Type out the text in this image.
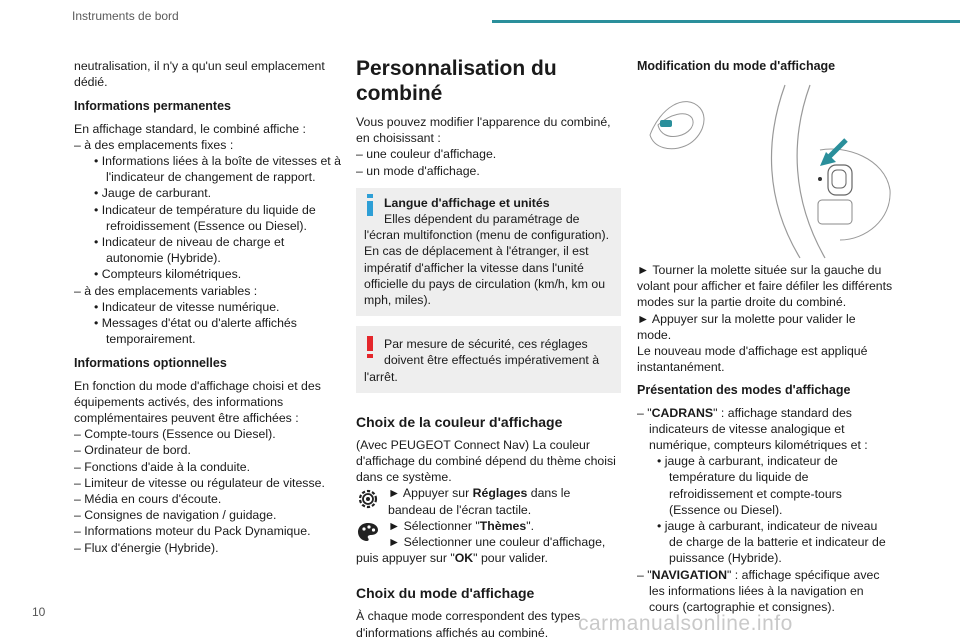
Instruments de bord

neutralisation, il n'y a qu'un seul emplacement dédié.

Informations permanentes

En affichage standard, le combiné affiche :

– à des emplacements fixes :

• Informations liées à la boîte de vitesses et à l'indicateur de changement de rapport.

• Jauge de carburant.

• Indicateur de température du liquide de refroidissement (Essence ou Diesel).

• Indicateur de niveau de charge et autonomie (Hybride).

• Compteurs kilométriques.

– à des emplacements variables :

• Indicateur de vitesse numérique.

• Messages d'état ou d'alerte affichés temporairement.

Informations optionnelles

En fonction du mode d'affichage choisi et des équipements activés, des informations complémentaires peuvent être affichées :

– Compte-tours (Essence ou Diesel).

– Ordinateur de bord.

– Fonctions d'aide à la conduite.

– Limiteur de vitesse ou régulateur de vitesse.

– Média en cours d'écoute.

– Consignes de navigation / guidage.

– Informations moteur du Pack Dynamique.

– Flux d'énergie (Hybride).

Personnalisation du combiné

Vous pouvez modifier l'apparence du combiné, en choisissant :

– une couleur d'affichage.

– un mode d'affichage.

Langue d'affichage et unités

Elles dépendent du paramétrage de

l'écran multifonction (menu de configuration). En cas de déplacement à l'étranger, il est impératif d'afficher la vitesse dans l'unité officielle du pays de circulation (km/h, km ou mph, miles).

Par mesure de sécurité, ces réglages doivent être effectués impérativement à

l'arrêt.

Choix de la couleur d'affichage

(Avec PEUGEOT Connect Nav) La couleur d'affichage du combiné dépend du thème choisi dans ce système.

► Appuyer sur Réglages dans le bandeau de l'écran tactile.

► Sélectionner "Thèmes".

► Sélectionner une couleur d'affichage,

puis appuyer sur "OK" pour valider.

Choix du mode d'affichage

À chaque mode correspondent des types d'informations affichés au combiné.

Modification du mode d'affichage

► Tourner la molette située sur la gauche du volant pour afficher et faire défiler les différents modes sur la partie droite du combiné.

► Appuyer sur la molette pour valider le mode.

Le nouveau mode d'affichage est appliqué instantanément.

Présentation des modes d'affichage

– "CADRANS" : affichage standard des indicateurs de vitesse analogique et numérique, compteurs kilométriques et :

• jauge à carburant, indicateur de température du liquide de refroidissement et compte-tours (Essence ou Diesel).

• jauge à carburant, indicateur de niveau de charge de la batterie et indicateur de puissance (Hybride).

– "NAVIGATION" : affichage spécifique avec les informations liées à la navigation en cours (cartographie et consignes).

10	carmanualsonline.info
